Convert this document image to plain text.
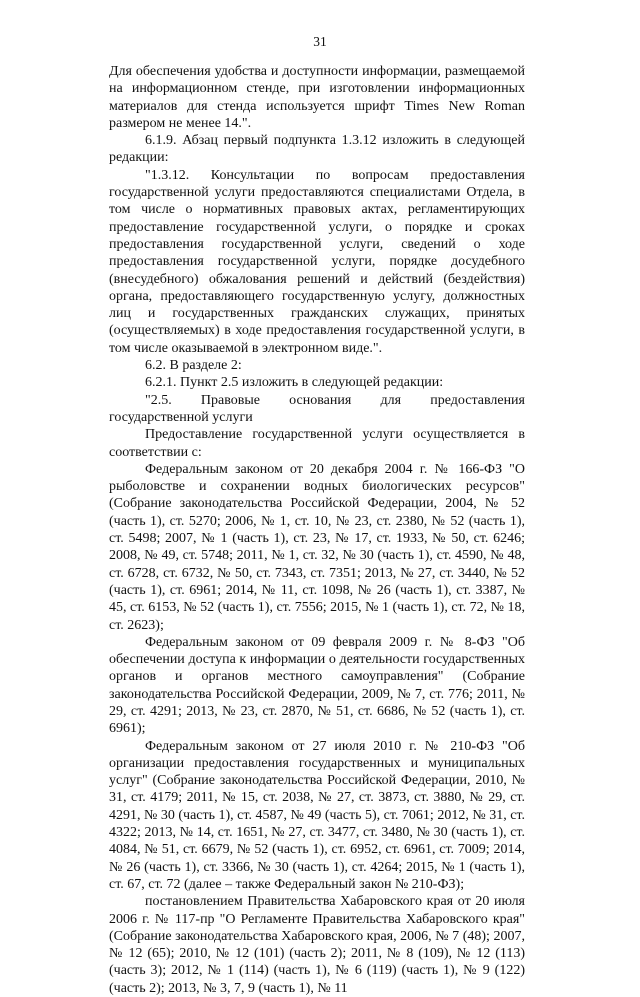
31

Для обеспечения удобства и доступности информации, размещаемой на информационном стенде, при изготовлении информационных материалов для стенда используется шрифт Times New Roman размером не менее 14.".

6.1.9. Абзац первый подпункта 1.3.12 изложить в следующей редакции:

"1.3.12. Консультации по вопросам предоставления государственной услуги предоставляются специалистами Отдела, в том числе о нормативных правовых актах, регламентирующих предоставление государственной услуги, о порядке и сроках предоставления государственной услуги, сведений о ходе предоставления государственной услуги, порядке досудебного (внесудебного) обжалования решений и действий (бездействия) органа, предоставляющего государственную услугу, должностных лиц и государственных гражданских служащих, принятых (осуществляемых) в ходе предоставления государственной услуги, в том числе оказываемой в электронном виде.".

6.2. В разделе 2:

6.2.1. Пункт 2.5 изложить в следующей редакции:

"2.5. Правовые основания для предоставления государственной услуги

Предоставление государственной услуги осуществляется в соответствии с:

Федеральным законом от 20 декабря 2004 г. № 166-ФЗ "О рыболовстве и сохранении водных биологических ресурсов" (Собрание законодательства Российской Федерации, 2004, № 52 (часть 1), ст. 5270; 2006, № 1, ст. 10, № 23, ст. 2380, № 52 (часть 1), ст. 5498; 2007, № 1 (часть 1), ст. 23, № 17, ст. 1933, № 50, ст. 6246; 2008, № 49, ст. 5748; 2011, № 1, ст. 32, № 30 (часть 1), ст. 4590, № 48, ст. 6728, ст. 6732, № 50, ст. 7343, ст. 7351; 2013, № 27, ст. 3440, № 52 (часть 1), ст. 6961; 2014, № 11, ст. 1098, № 26 (часть 1), ст. 3387, № 45, ст. 6153, № 52 (часть 1), ст. 7556; 2015, № 1 (часть 1), ст. 72, № 18, ст. 2623);

Федеральным законом от 09 февраля 2009 г. № 8-ФЗ "Об обеспечении доступа к информации о деятельности государственных органов и органов местного самоуправления" (Собрание законодательства Российской Федерации, 2009, № 7, ст. 776; 2011, № 29, ст. 4291; 2013, № 23, ст. 2870, № 51, ст. 6686, № 52 (часть 1), ст. 6961);

Федеральным законом от 27 июля 2010 г. № 210-ФЗ "Об организации предоставления государственных и муниципальных услуг" (Собрание законодательства Российской Федерации, 2010, № 31, ст. 4179; 2011, № 15, ст. 2038, № 27, ст. 3873, ст. 3880, № 29, ст. 4291, № 30 (часть 1), ст. 4587, № 49 (часть 5), ст. 7061; 2012, № 31, ст. 4322; 2013, № 14, ст. 1651, № 27, ст. 3477, ст. 3480, № 30 (часть 1), ст. 4084, № 51, ст. 6679, № 52 (часть 1), ст. 6952, ст. 6961, ст. 7009; 2014, № 26 (часть 1), ст. 3366, № 30 (часть 1), ст. 4264; 2015, № 1 (часть 1), ст. 67, ст. 72 (далее – также Федеральный закон № 210-ФЗ);

постановлением Правительства Хабаровского края от 20 июля 2006 г. № 117-пр "О Регламенте Правительства Хабаровского края" (Собрание законодательства Хабаровского края, 2006, № 7 (48); 2007, № 12 (65); 2010, № 12 (101) (часть 2); 2011, № 8 (109), № 12 (113) (часть 3); 2012, № 1 (114) (часть 1), № 6 (119) (часть 1), № 9 (122) (часть 2); 2013, № 3, 7, 9 (часть 1), № 11
